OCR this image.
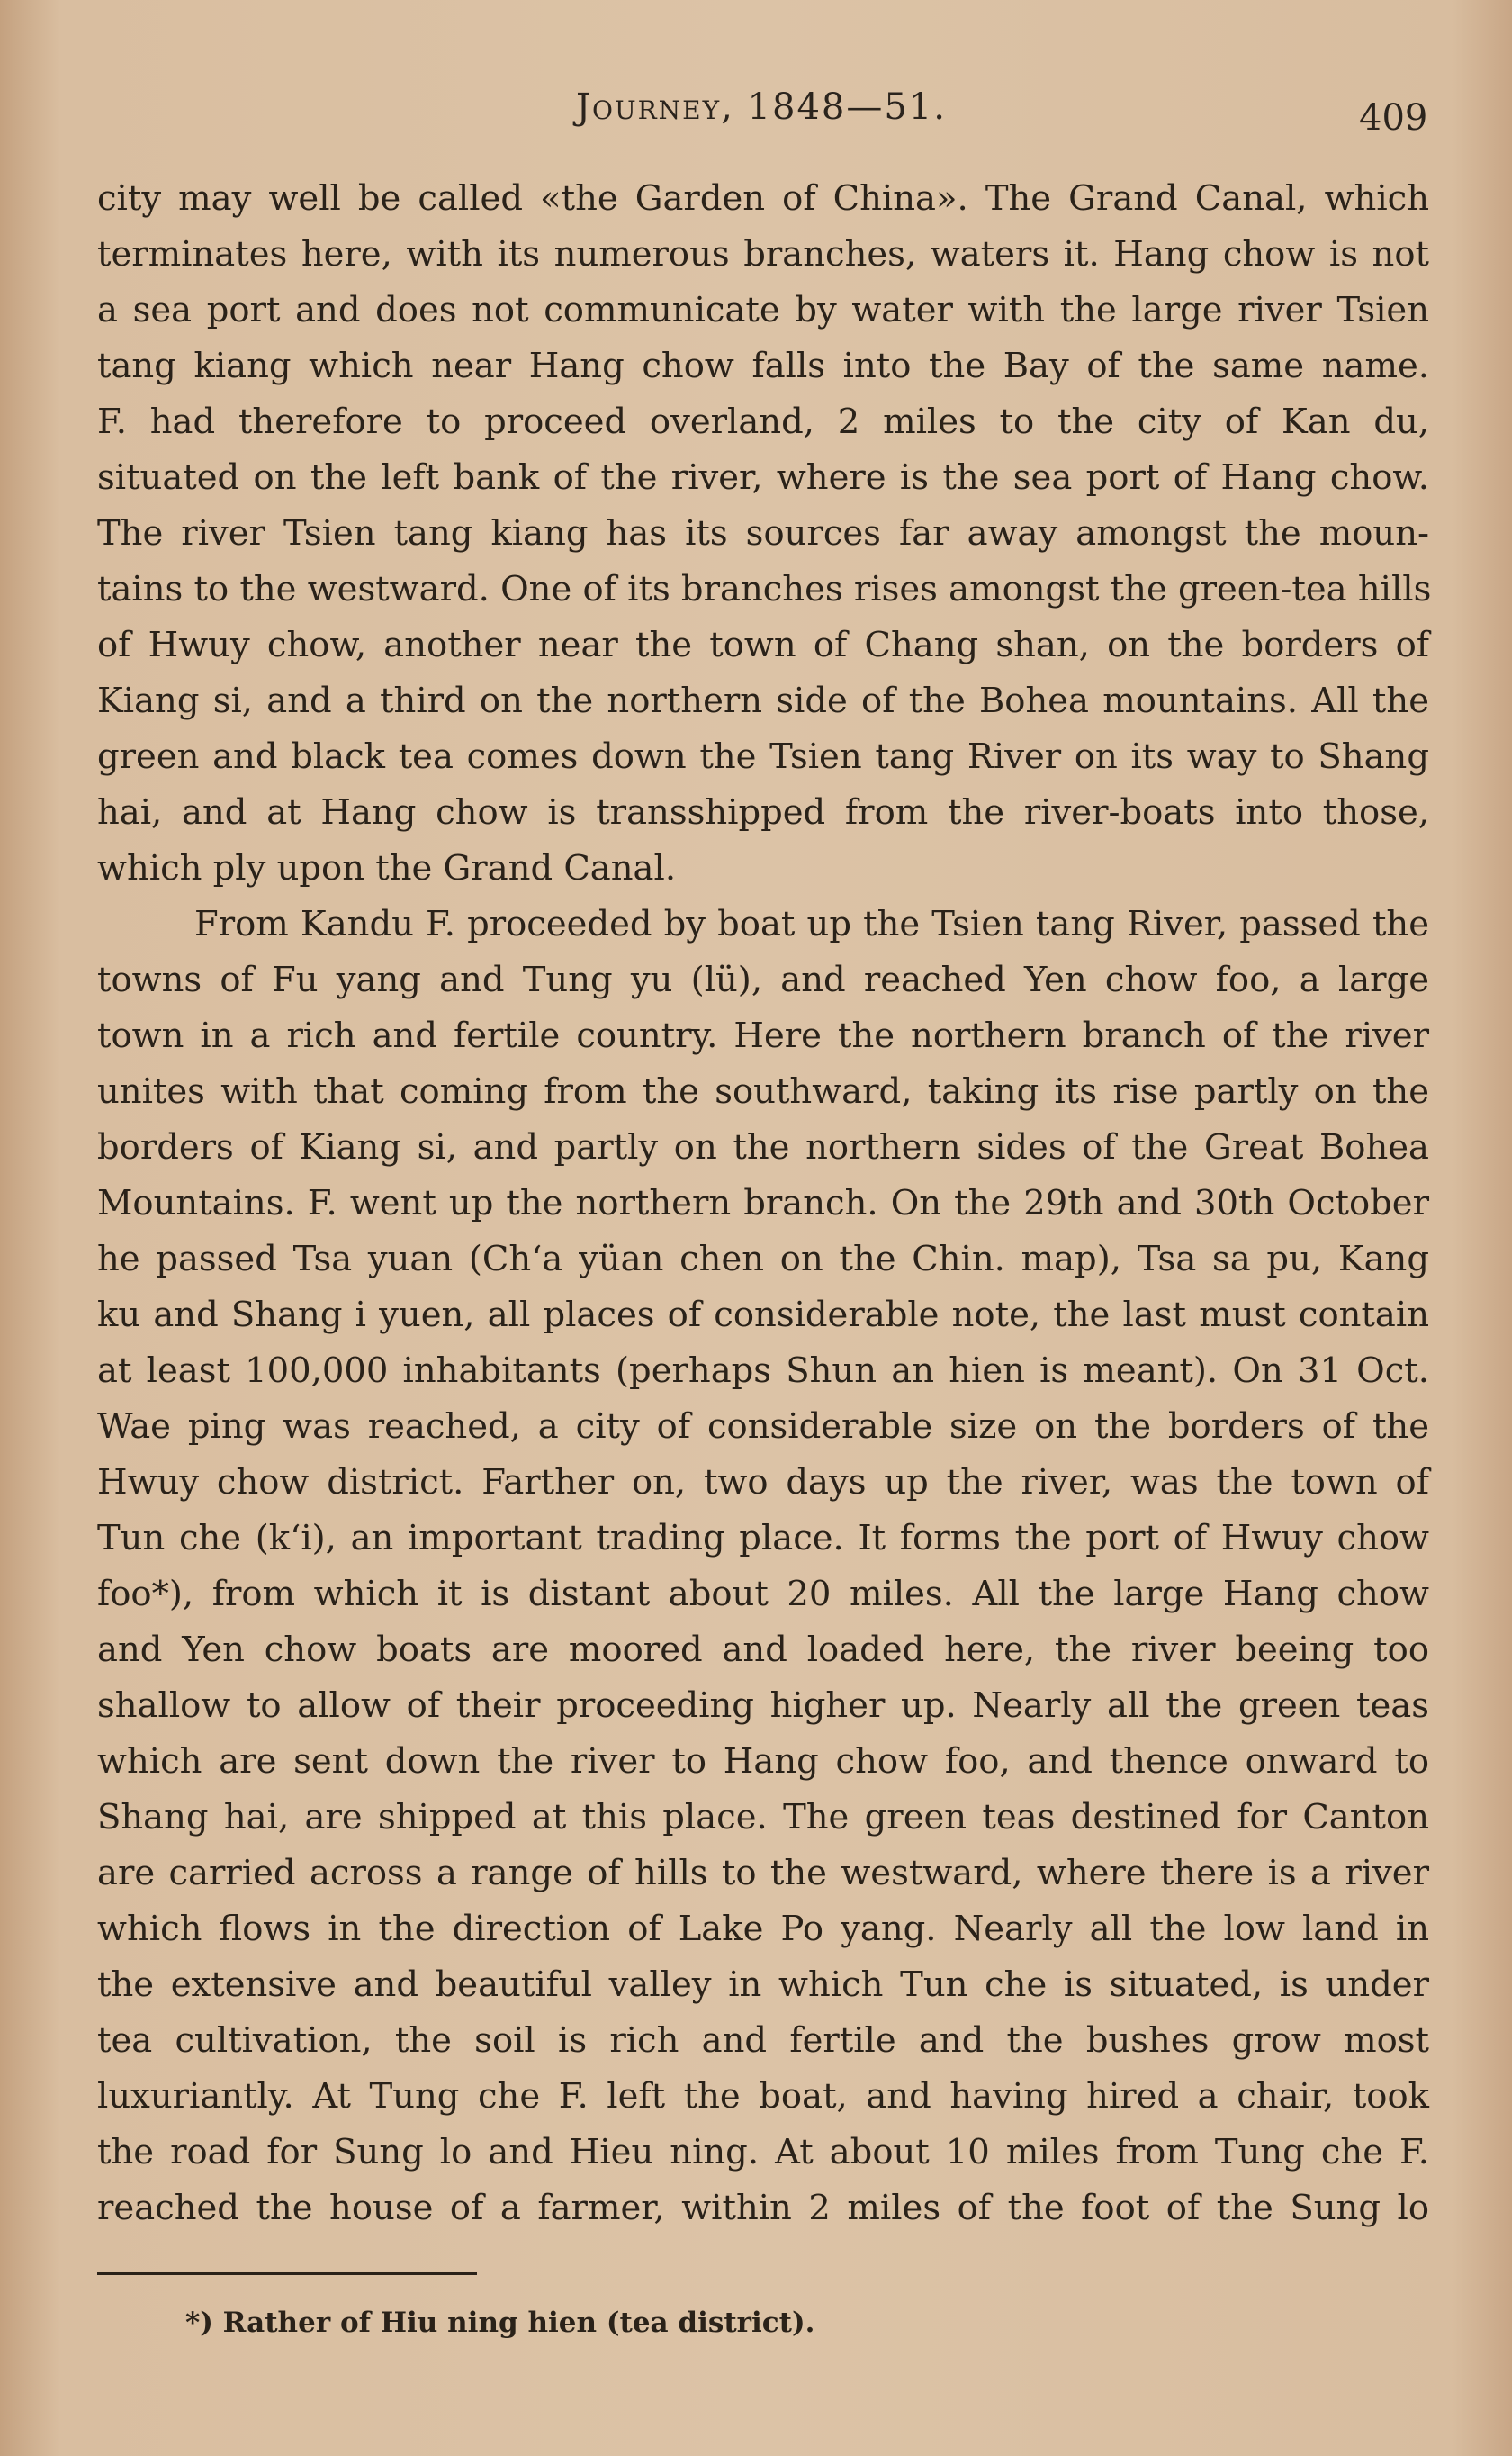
Journey, 1848—51.	409
city may well be called «the Garden of China». The Grand Canal, which
terminates here, with its numerous branches, waters it. Hang chow is not
a sea port and does not communicate by water with the large river Tsien
tang kiang which near Hang chow falls into the Bay of the same name.
F. had therefore to proceed overland, 2 miles to the city of Kan du,
situated on the left bank of the river, where is the sea port of Hang chow.
The river Tsien tang kiang has its sources far away amongst the moun-
tains to the westward. One of its branches rises amongst the green-tea hills
of Hwuy chow, another near the town of Chang shan, on the borders of
Kiang si, and a third on the northern side of the Bohea mountains. All the
green and black tea comes down the Tsien tang River on its way to Shang
hai, and at Hang chow is transshipped from the river-boats into those,
which ply upon the Grand Canal.
From Kandu F. proceeded by boat up the Tsien tang River, passed the
towns of Fu yang and Tung yu (lü), and reached Yen chow foo, a large
town in a rich and fertile country. Here the northern branch of the river
unites with that coming from the southward, taking its rise partly on the
borders of Kiang si, and partly on the northern sides of the Great Bohea
Mountains. F. went up the northern branch. On the 29th and 30th October
he passed Tsa yuan (Chʻa yüan chen on the Chin. map), Tsa sa pu, Kang
ku and Shang i yuen, all places of considerable note, the last must contain
at least 100,000 inhabitants (perhaps Shun an hien is meant). On 31 Oct.
Wae ping was reached, a city of considerable size on the borders of the
Hwuy chow district. Farther on, two days up the river, was the town of
Tun che (kʻi), an important trading place. It forms the port of Hwuy chow
foo*), from which it is distant about 20 miles. All the large Hang chow
and Yen chow boats are moored and loaded here, the river beeing too
shallow to allow of their proceeding higher up. Nearly all the green teas
which are sent down the river to Hang chow foo, and thence onward to
Shang hai, are shipped at this place. The green teas destined for Canton
are carried across a range of hills to the westward, where there is a river
which flows in the direction of Lake Po yang. Nearly all the low land in
the extensive and beautiful valley in which Tun che is situated, is under
tea cultivation, the soil is rich and fertile and the bushes grow most
luxuriantly. At Tung che F. left the boat, and having hired a chair, took
the road for Sung lo and Hieu ning. At about 10 miles from Tung che F.
reached the house of a farmer, within 2 miles of the foot of the Sung lo
*) Rather of Hiu ning hien (tea district).
